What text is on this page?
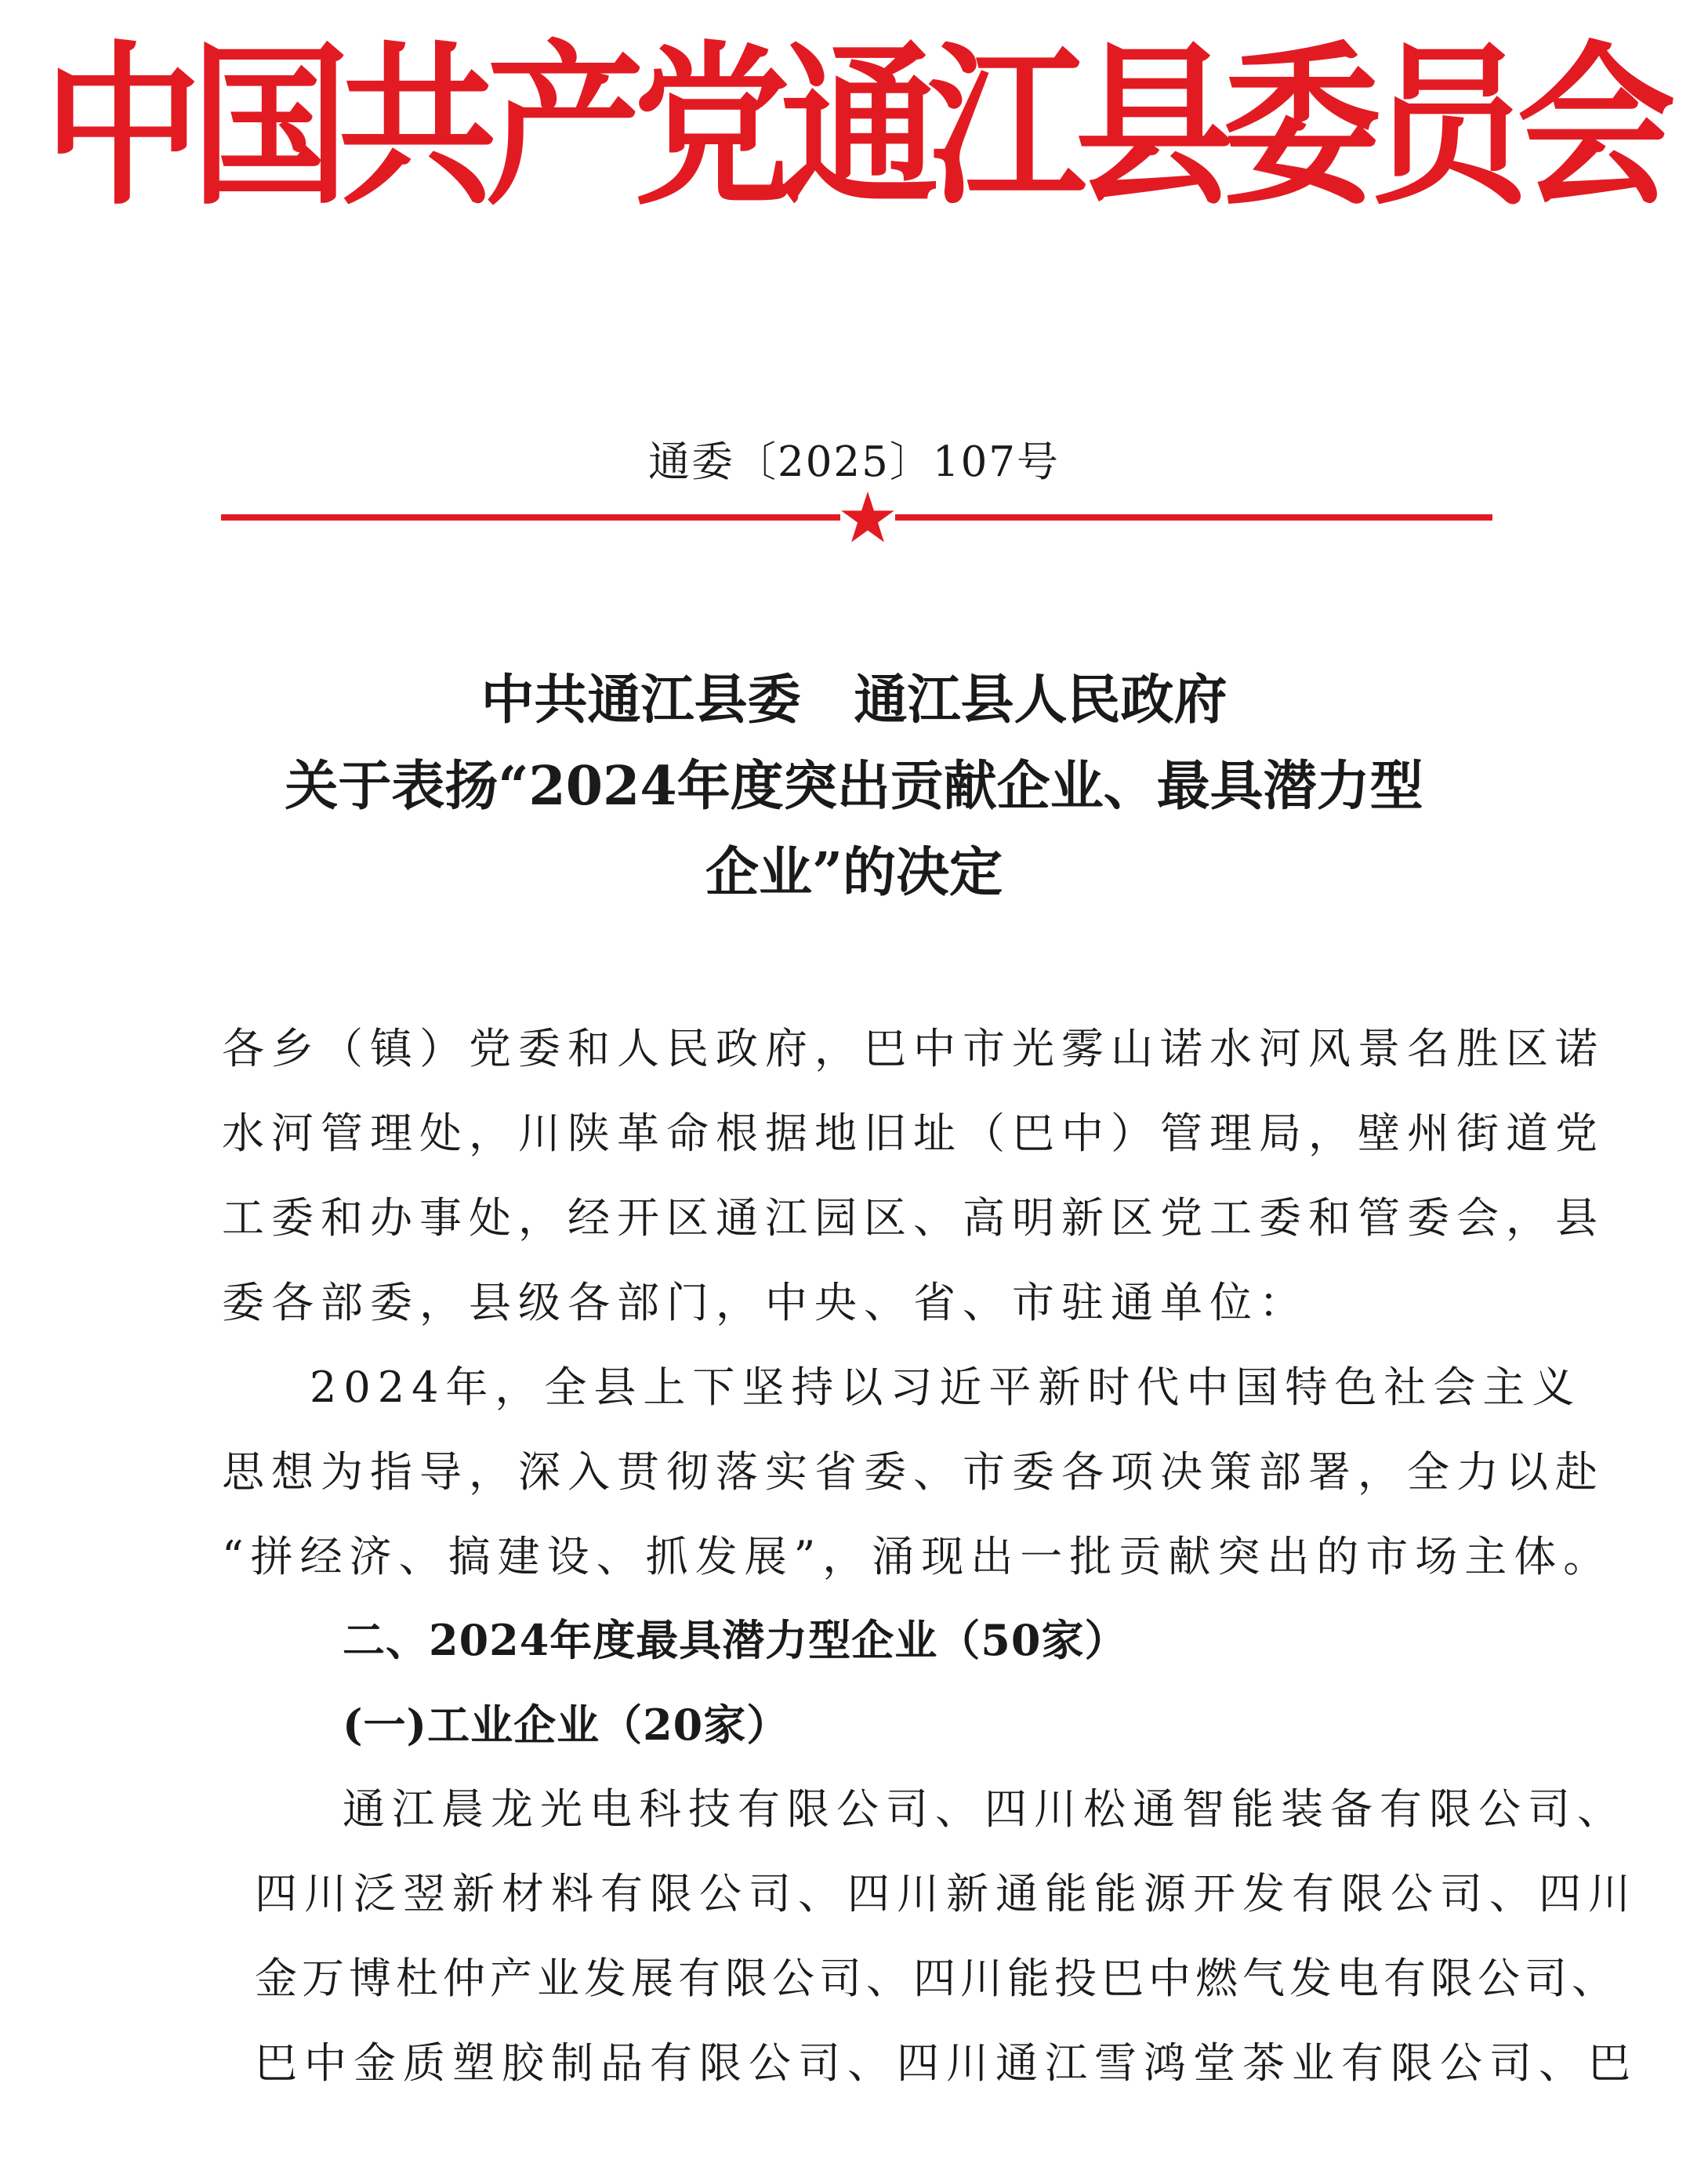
中国共产党通江县委员会
通委〔2025〕107号
中共通江县委　通江县人民政府
关于表扬“2024年度突出贡献企业、最具潜力型
企业”的决定
各乡（镇）党委和人民政府，巴中市光雾山诺水河风景名胜区诺
水河管理处，川陕革命根据地旧址（巴中）管理局，壁州街道党
工委和办事处，经开区通江园区、高明新区党工委和管委会，县
委各部委，县级各部门，中央、省、市驻通单位：
2024年，全县上下坚持以习近平新时代中国特色社会主义
思想为指导，深入贯彻落实省委、市委各项决策部署，全力以赴
“拼经济、搞建设、抓发展”，涌现出一批贡献突出的市场主体。
二、2024年度最具潜力型企业（50家）
(一)工业企业（20家）
通江晨龙光电科技有限公司、四川松通智能装备有限公司、
四川泛翌新材料有限公司、四川新通能能源开发有限公司、四川
金万博杜仲产业发展有限公司、四川能投巴中燃气发电有限公司、
巴中金质塑胶制品有限公司、四川通江雪鸿堂茶业有限公司、巴
